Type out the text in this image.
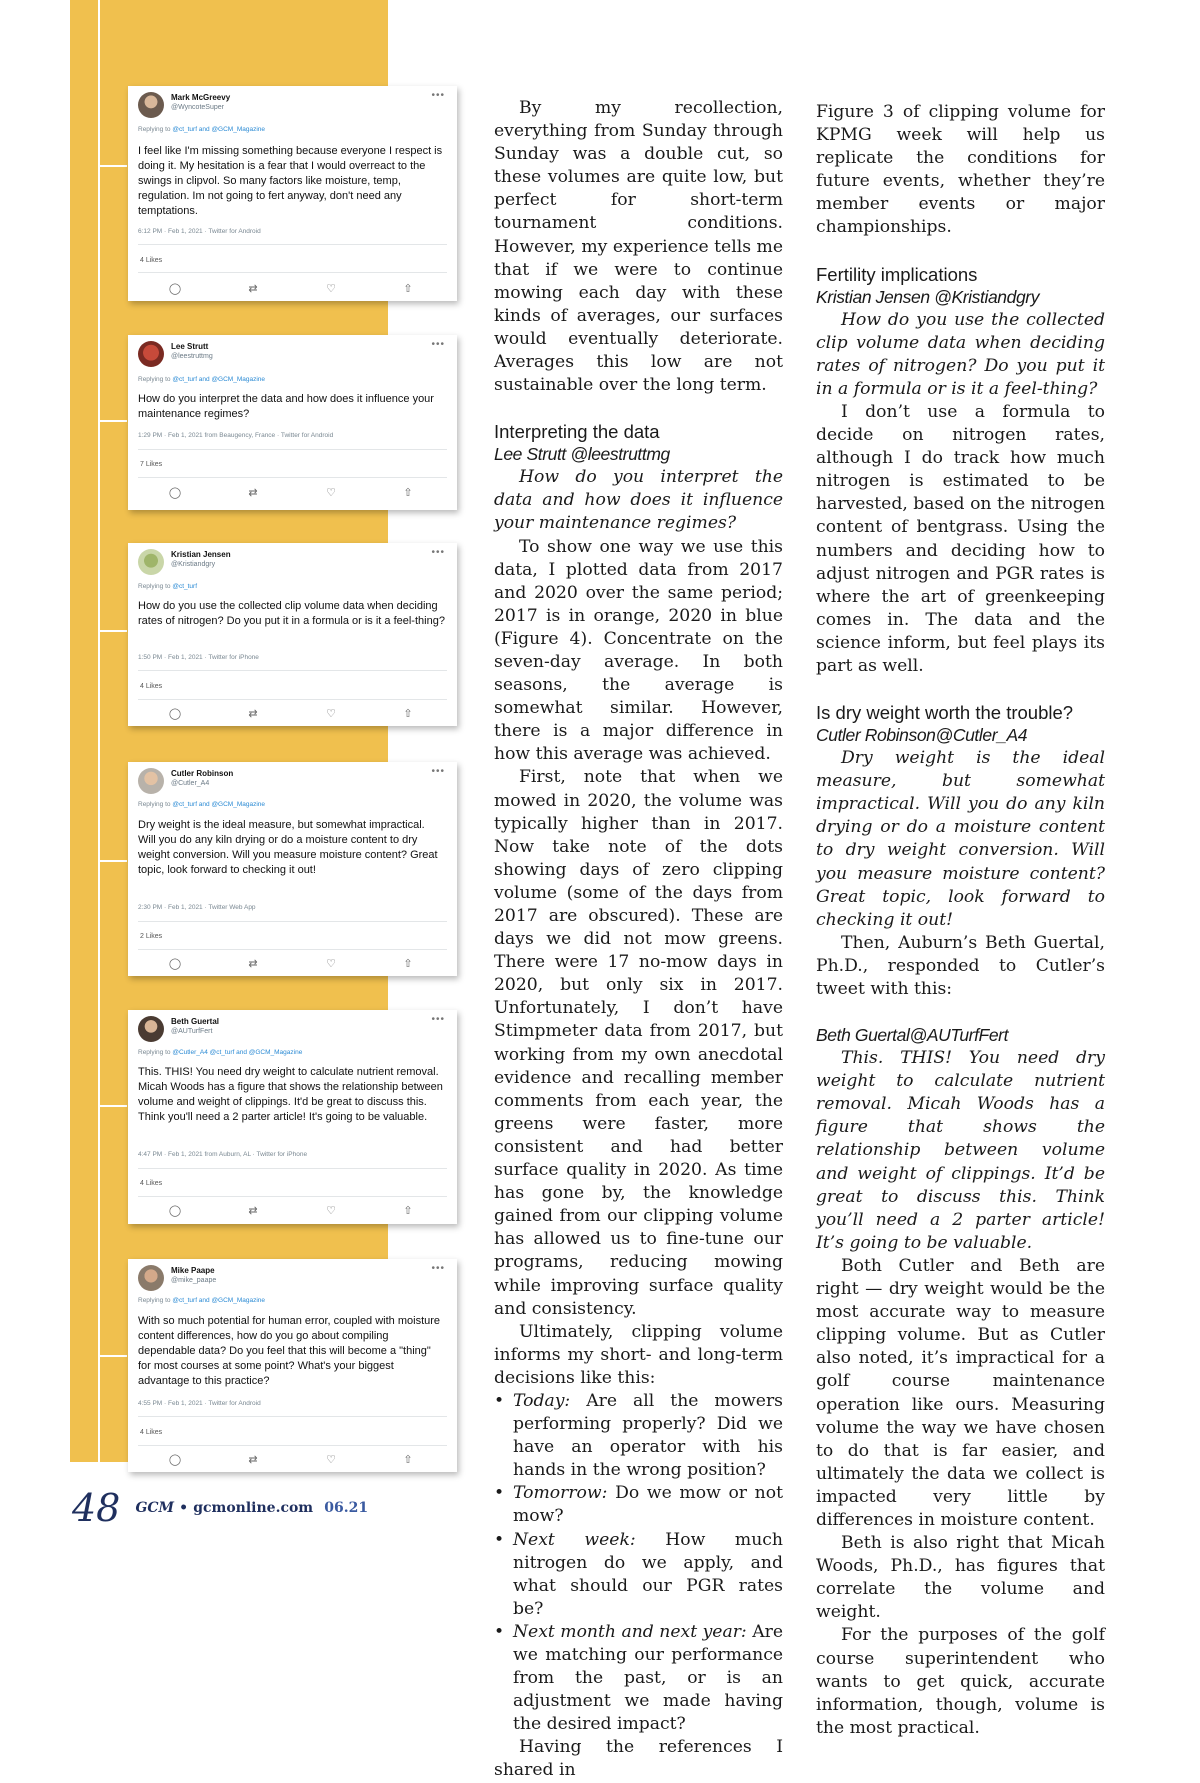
Mark McGreevy
@WyncoteSuper
•••
Replying to @ct_turf and @GCM_Magazine
I feel like I'm missing something because everyone I respect is doing it. My hesitation is a fear that I would overreact to the swings in clipvol. So many factors like moisture, temp, regulation. Im not going to fert anyway, don't need any temptations.
6:12 PM · Feb 1, 2021 · Twitter for Android
4 Likes
◯	⇄	♡	⇧
Lee Strutt
@leestruttmg
•••
Replying to @ct_turf and @GCM_Magazine
How do you interpret the data and how does it influence your maintenance regimes?
1:29 PM · Feb 1, 2021 from Beaugency, France · Twitter for Android
7 Likes
◯	⇄	♡	⇧
Kristian Jensen
@Kristiandgry
•••
Replying to @ct_turf
How do you use the collected clip volume data when deciding rates of nitrogen? Do you put it in a formula or is it a feel-thing?
1:50 PM · Feb 1, 2021 · Twitter for iPhone
4 Likes
◯	⇄	♡	⇧
Cutler Robinson
@Cutler_A4
•••
Replying to @ct_turf and @GCM_Magazine
Dry weight is the ideal measure, but somewhat impractical. Will you do any kiln drying or do a moisture content to dry weight conversion. Will you measure moisture content? Great topic, look forward to checking it out!
2:30 PM · Feb 1, 2021 · Twitter Web App
2 Likes
◯	⇄	♡	⇧
Beth Guertal
@AUTurfFert
•••
Replying to @Cutler_A4 @ct_turf and @GCM_Magazine
This. THIS! You need dry weight to calculate nutrient removal. Micah Woods has a figure that shows the relationship between volume and weight of clippings. It'd be great to discuss this. Think you'll need a 2 parter article! It's going to be valuable.
4:47 PM · Feb 1, 2021 from Auburn, AL · Twitter for iPhone
4 Likes
◯	⇄	♡	⇧
Mike Paape
@mike_paape
•••
Replying to @ct_turf and @GCM_Magazine
With so much potential for human error, coupled with moisture content differences, how do you go about compiling dependable data? Do you feel that this will become a "thing" for most courses at some point? What's your biggest advantage to this practice?
4:55 PM · Feb 1, 2021 · Twitter for Android
4 Likes
◯	⇄	♡	⇧

By my recollection, everything from Sunday through Sunday was a double cut, so these volumes are quite low, but perfect for short-term tournament conditions. However, my experience tells me that if we were to continue mowing each day with these kinds of averages, our surfaces would eventually deteriorate. Averages this low are not sustainable over the long term.

Interpreting the data
Lee Strutt @leestruttmg

How do you interpret the data and how does it influence your maintenance regimes?

To show one way we use this data, I plotted data from 2017 and 2020 over the same period; 2017 is in orange, 2020 in blue (Figure 4). Concentrate on the seven-day average. In both seasons, the average is somewhat similar. However, there is a major difference in how this average was achieved.

First, note that when we mowed in 2020, the volume was typically higher than in 2017. Now take note of the dots showing days of zero clipping volume (some of the days from 2017 are obscured). These are days we did not mow greens. There were 17 no-mow days in 2020, but only six in 2017. Unfortunately, I don’t have Stimpmeter data from 2017, but working from my own anecdotal evidence and recalling member comments from each year, the greens were faster, more consistent and had better surface quality in 2020. As time has gone by, the knowledge gained from our clipping volume has allowed us to fine-tune our programs, reducing mowing while improving surface quality and consistency.

Ultimately, clipping volume informs my short- and long-term decisions like this:

• Today: Are all the mowers performing properly? Did we have an operator with his hands in the wrong position?
• Tomorrow: Do we mow or not mow?
• Next week: How much nitrogen do we apply, and what should our PGR rates be?
• Next month and next year: Are we matching our performance from the past, or is an adjustment we made having the desired impact?

Having the references I shared in

Figure 3 of clipping volume for KPMG week will help us replicate the conditions for future events, whether they’re member events or major championships.

Fertility implications
Kristian Jensen @Kristiandgry

How do you use the collected clip volume data when deciding rates of nitrogen? Do you put it in a formula or is it a feel-thing?

I don’t use a formula to decide on nitrogen rates, although I do track how much nitrogen is estimated to be harvested, based on the nitrogen content of bentgrass. Using the numbers and deciding how to adjust nitrogen and PGR rates is where the art of greenkeeping comes in. The data and the science inform, but feel plays its part as well.

Is dry weight worth the trouble?
Cutler Robinson@Cutler_A4

Dry weight is the ideal measure, but somewhat impractical. Will you do any kiln drying or do a moisture content to dry weight conversion. Will you measure moisture content? Great topic, look forward to checking it out!

Then, Auburn’s Beth Guertal, Ph.D., responded to Cutler’s tweet with this:

Beth Guertal@AUTurfFert

This. THIS! You need dry weight to calculate nutrient removal. Micah Woods has a figure that shows the relationship between volume and weight of clippings. It’d be great to discuss this. Think you’ll need a 2 parter article! It’s going to be valuable.

Both Cutler and Beth are right — dry weight would be the most accurate way to measure clipping volume. But as Cutler also noted, it’s impractical for a golf course maintenance operation like ours. Measuring volume the way we have chosen to do that is far easier, and ultimately the data we collect is impacted very little by differences in moisture content.

Beth is also right that Micah Woods, Ph.D., has figures that correlate the volume and weight.

For the purposes of the golf course superintendent who wants to get quick, accurate information, though, volume is the most practical.

48 GCM • gcmonline.com 06.21
